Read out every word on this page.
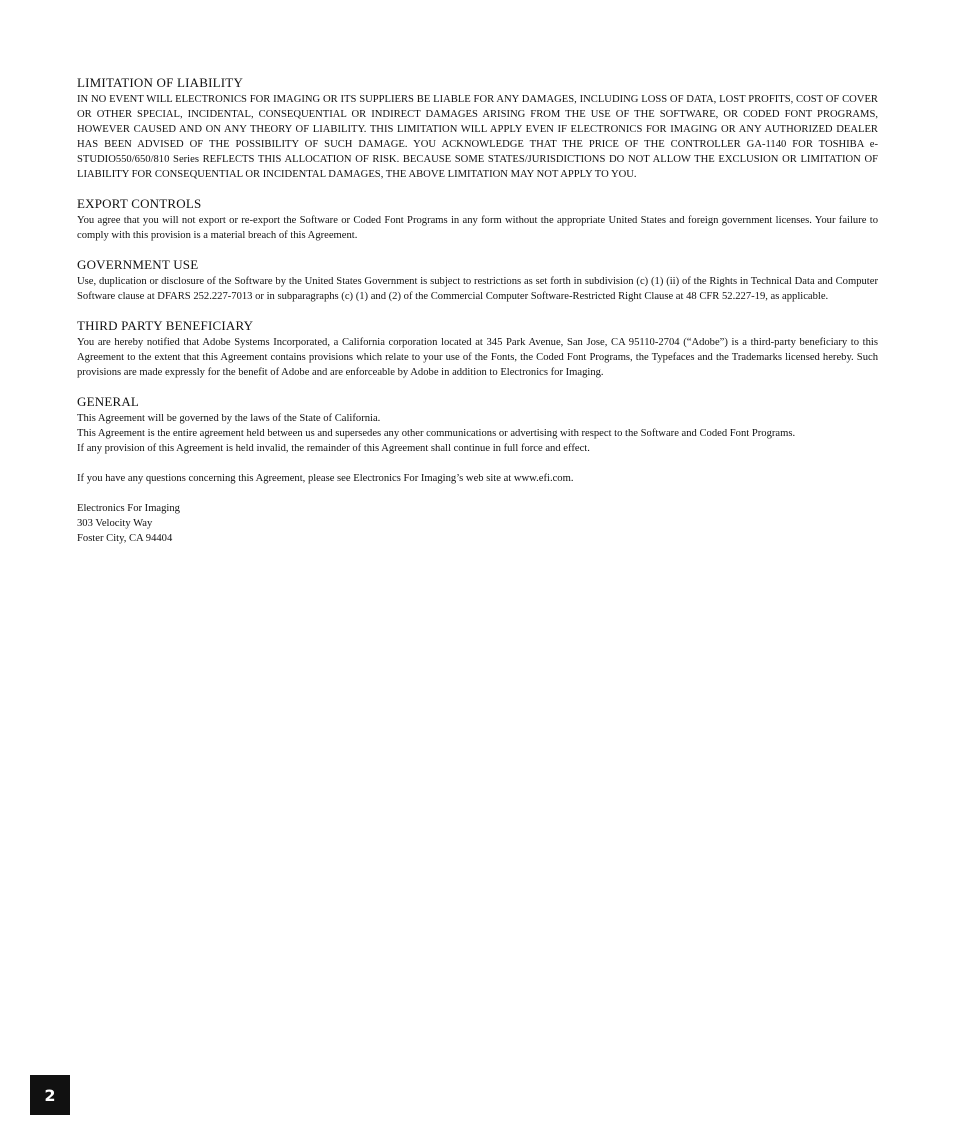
LIMITATION OF LIABILITY

IN NO EVENT WILL ELECTRONICS FOR IMAGING OR ITS SUPPLIERS BE LIABLE FOR ANY DAMAGES, INCLUDING LOSS OF DATA, LOST PROFITS, COST OF COVER OR OTHER SPECIAL, INCIDENTAL, CONSEQUENTIAL OR INDIRECT DAMAGES ARISING FROM THE USE OF THE SOFTWARE, OR CODED FONT PROGRAMS, HOWEVER CAUSED AND ON ANY THEORY OF LIABILITY. THIS LIMITATION WILL APPLY EVEN IF ELECTRONICS FOR IMAGING OR ANY AUTHORIZED DEALER HAS BEEN ADVISED OF THE POSSIBILITY OF SUCH DAMAGE. YOU ACKNOWLEDGE THAT THE PRICE OF THE CONTROLLER GA-1140 FOR TOSHIBA e-STUDIO550/650/810 Series REFLECTS THIS ALLOCATION OF RISK. BECAUSE SOME STATES/JURISDICTIONS DO NOT ALLOW THE EXCLUSION OR LIMITATION OF LIABILITY FOR CONSEQUENTIAL OR INCIDENTAL DAMAGES, THE ABOVE LIMITATION MAY NOT APPLY TO YOU.

EXPORT CONTROLS

You agree that you will not export or re-export the Software or Coded Font Programs in any form without the appropriate United States and foreign government licenses. Your failure to comply with this provision is a material breach of this Agreement.

GOVERNMENT USE

Use, duplication or disclosure of the Software by the United States Government is subject to restrictions as set forth in subdivision (c) (1) (ii) of the Rights in Technical Data and Computer Software clause at DFARS 252.227-7013 or in subparagraphs (c) (1) and (2) of the Commercial Computer Software-Restricted Right Clause at 48 CFR 52.227-19, as applicable.

THIRD PARTY BENEFICIARY

You are hereby notified that Adobe Systems Incorporated, a California corporation located at 345 Park Avenue, San Jose, CA 95110-2704 (“Adobe”) is a third-party beneficiary to this Agreement to the extent that this Agreement contains provisions which relate to your use of the Fonts, the Coded Font Programs, the Typefaces and the Trademarks licensed hereby. Such provisions are made expressly for the benefit of Adobe and are enforceable by Adobe in addition to Electronics for Imaging.

GENERAL

This Agreement will be governed by the laws of the State of California.

This Agreement is the entire agreement held between us and supersedes any other communications or advertising with respect to the Software and Coded Font Programs.

If any provision of this Agreement is held invalid, the remainder of this Agreement shall continue in full force and effect.

If you have any questions concerning this Agreement, please see Electronics For Imaging’s web site at www.efi.com.

Electronics For Imaging

303 Velocity Way

Foster City, CA 94404

2
